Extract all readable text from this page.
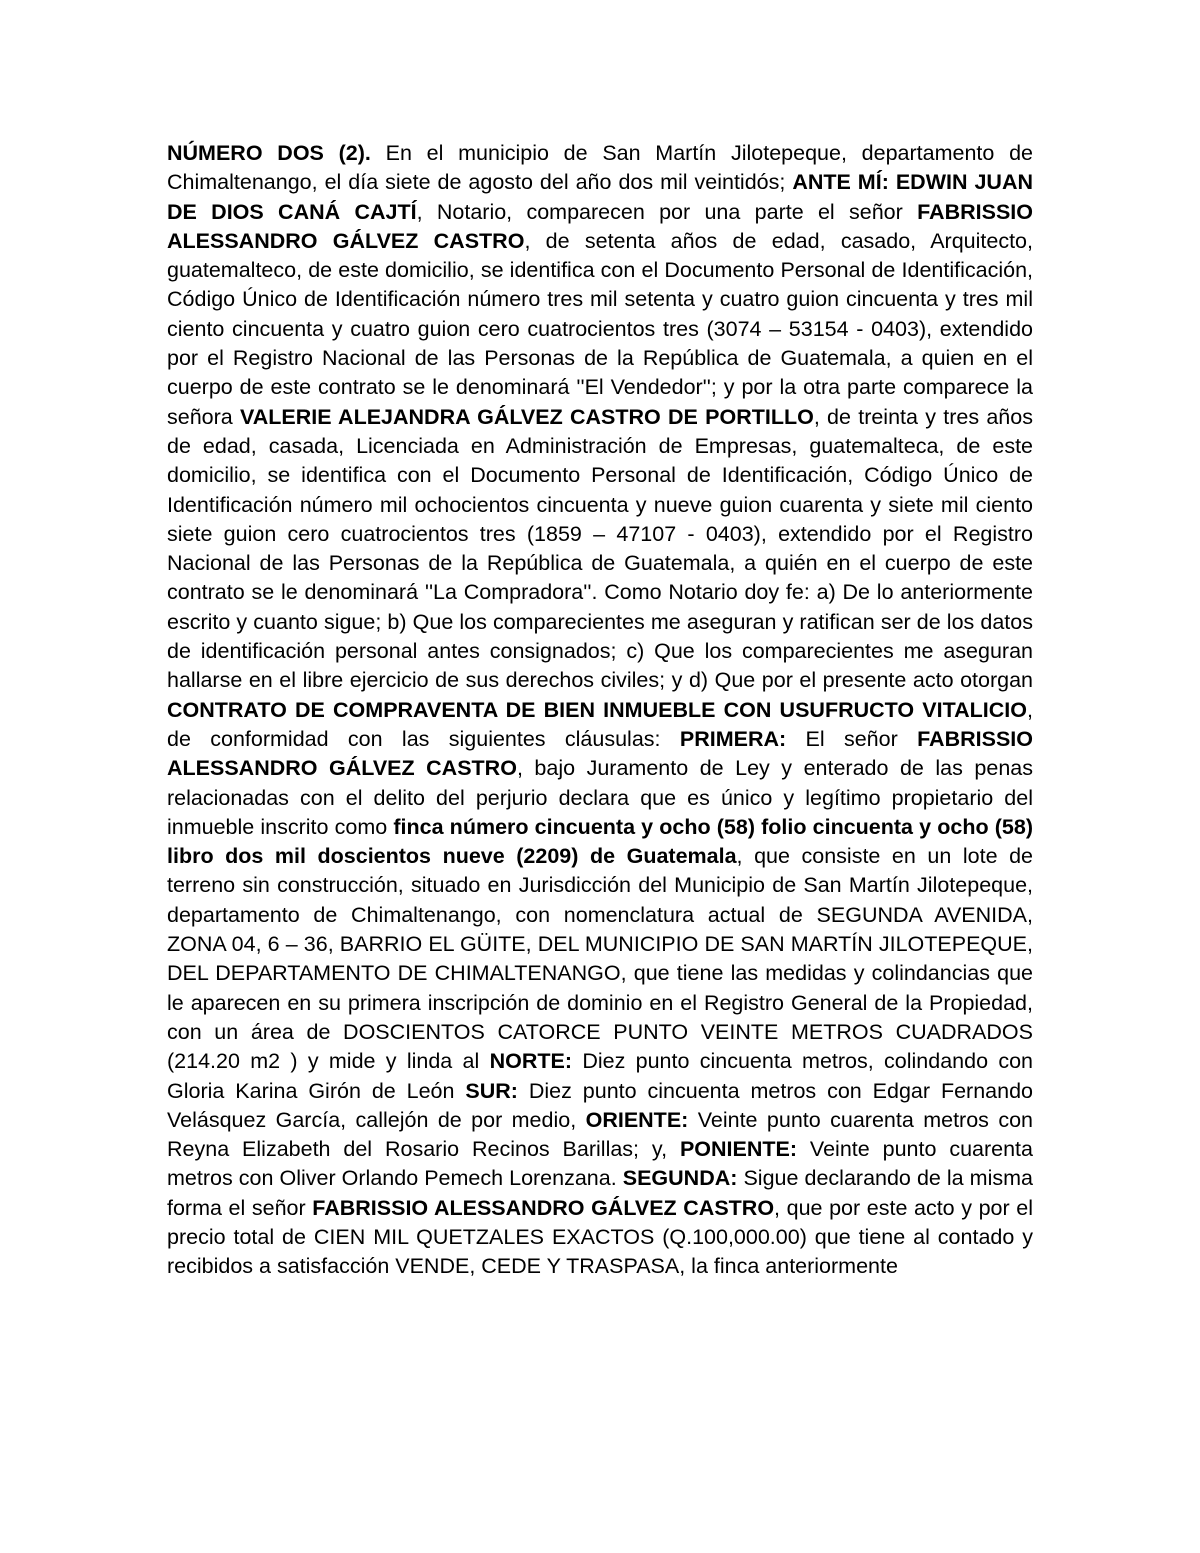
NÚMERO DOS (2). En el municipio de San Martín Jilotepeque, departamento de Chimaltenango, el día siete de agosto del año dos mil veintidós; ANTE MÍ: EDWIN JUAN DE DIOS CANÁ CAJTÍ, Notario, comparecen por una parte el señor FABRISSIO ALESSANDRO GÁLVEZ CASTRO, de setenta años de edad, casado, Arquitecto, guatemalteco, de este domicilio, se identifica con el Documento Personal de Identificación, Código Único de Identificación número tres mil setenta y cuatro guion cincuenta y tres mil ciento cincuenta y cuatro guion cero cuatrocientos tres (3074 – 53154 - 0403), extendido por el Registro Nacional de las Personas de la República de Guatemala, a quien en el cuerpo de este contrato se le denominará ''El Vendedor''; y por la otra parte comparece la señora VALERIE ALEJANDRA GÁLVEZ CASTRO DE PORTILLO, de treinta y tres años de edad, casada, Licenciada en Administración de Empresas, guatemalteca, de este domicilio, se identifica con el Documento Personal de Identificación, Código Único de Identificación número mil ochocientos cincuenta y nueve guion cuarenta y siete mil ciento siete guion cero cuatrocientos tres (1859 – 47107 - 0403), extendido por el Registro Nacional de las Personas de la República de Guatemala, a quién en el cuerpo de este contrato se le denominará ''La Compradora''. Como Notario doy fe: a) De lo anteriormente escrito y cuanto sigue; b) Que los comparecientes me aseguran y ratifican ser de los datos de identificación personal antes consignados; c) Que los comparecientes me aseguran hallarse en el libre ejercicio de sus derechos civiles; y d) Que por el presente acto otorgan CONTRATO DE COMPRAVENTA DE BIEN INMUEBLE CON USUFRUCTO VITALICIO, de conformidad con las siguientes cláusulas: PRIMERA: El señor FABRISSIO ALESSANDRO GÁLVEZ CASTRO, bajo Juramento de Ley y enterado de las penas relacionadas con el delito del perjurio declara que es único y legítimo propietario del inmueble inscrito como finca número cincuenta y ocho (58) folio cincuenta y ocho (58) libro dos mil doscientos nueve (2209) de Guatemala, que consiste en un lote de terreno sin construcción, situado en Jurisdicción del Municipio de San Martín Jilotepeque, departamento de Chimaltenango, con nomenclatura actual de SEGUNDA AVENIDA, ZONA 04, 6 – 36, BARRIO EL GÜITE, DEL MUNICIPIO DE SAN MARTÍN JILOTEPEQUE, DEL DEPARTAMENTO DE CHIMALTENANGO, que tiene las medidas y colindancias que le aparecen en su primera inscripción de dominio en el Registro General de la Propiedad, con un área de DOSCIENTOS CATORCE PUNTO VEINTE METROS CUADRADOS (214.20 m2 ) y mide y linda al NORTE: Diez punto cincuenta metros, colindando con Gloria Karina Girón de León SUR: Diez punto cincuenta metros con Edgar Fernando Velásquez García, callejón de por medio, ORIENTE: Veinte punto cuarenta metros con Reyna Elizabeth del Rosario Recinos Barillas; y, PONIENTE: Veinte punto cuarenta metros con Oliver Orlando Pemech Lorenzana. SEGUNDA: Sigue declarando de la misma forma el señor FABRISSIO ALESSANDRO GÁLVEZ CASTRO, que por este acto y por el precio total de CIEN MIL QUETZALES EXACTOS (Q.100,000.00) que tiene al contado y recibidos a satisfacción VENDE, CEDE Y TRASPASA, la finca anteriormente
